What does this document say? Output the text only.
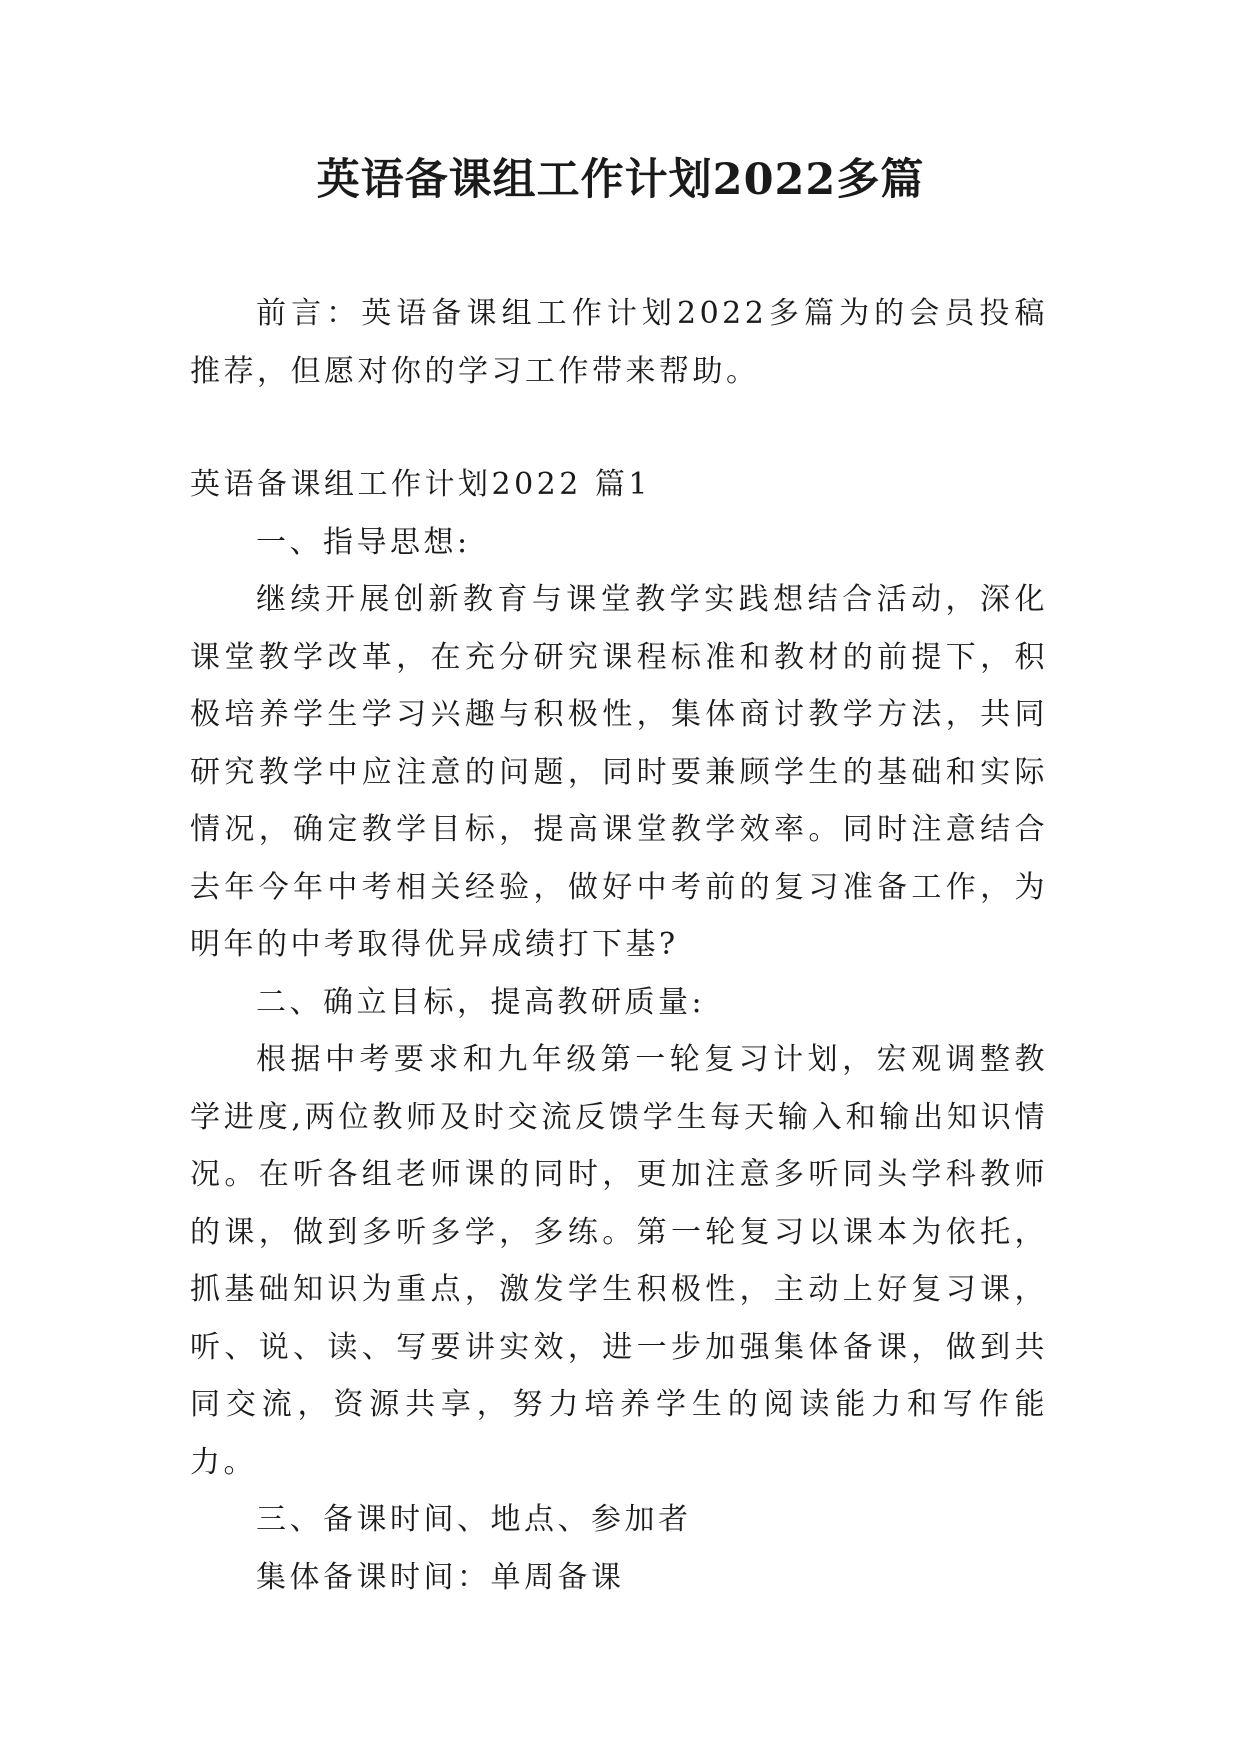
英语备课组工作计划2022多篇

前言：英语备课组工作计划2022多篇为的会员投稿推荐，但愿对你的学习工作带来帮助。

英语备课组工作计划2022 篇1

一、指导思想:

继续开展创新教育与课堂教学实践想结合活动，深化课堂教学改革，在充分研究课程标准和教材的前提下，积极培养学生学习兴趣与积极性，集体商讨教学方法，共同研究教学中应注意的问题，同时要兼顾学生的基础和实际情况，确定教学目标，提高课堂教学效率。同时注意结合去年今年中考相关经验，做好中考前的复习准备工作，为明年的中考取得优异成绩打下基?

二、确立目标，提高教研质量:

根据中考要求和九年级第一轮复习计划，宏观调整教学进度,两位教师及时交流反馈学生每天输入和输出知识情况。在听各组老师课的同时，更加注意多听同头学科教师的课，做到多听多学，多练。第一轮复习以课本为依托，抓基础知识为重点，激发学生积极性，主动上好复习课，听、说、读、写要讲实效，进一步加强集体备课，做到共同交流，资源共享，努力培养学生的阅读能力和写作能力。

三、备课时间、地点、参加者

集体备课时间：单周备课
